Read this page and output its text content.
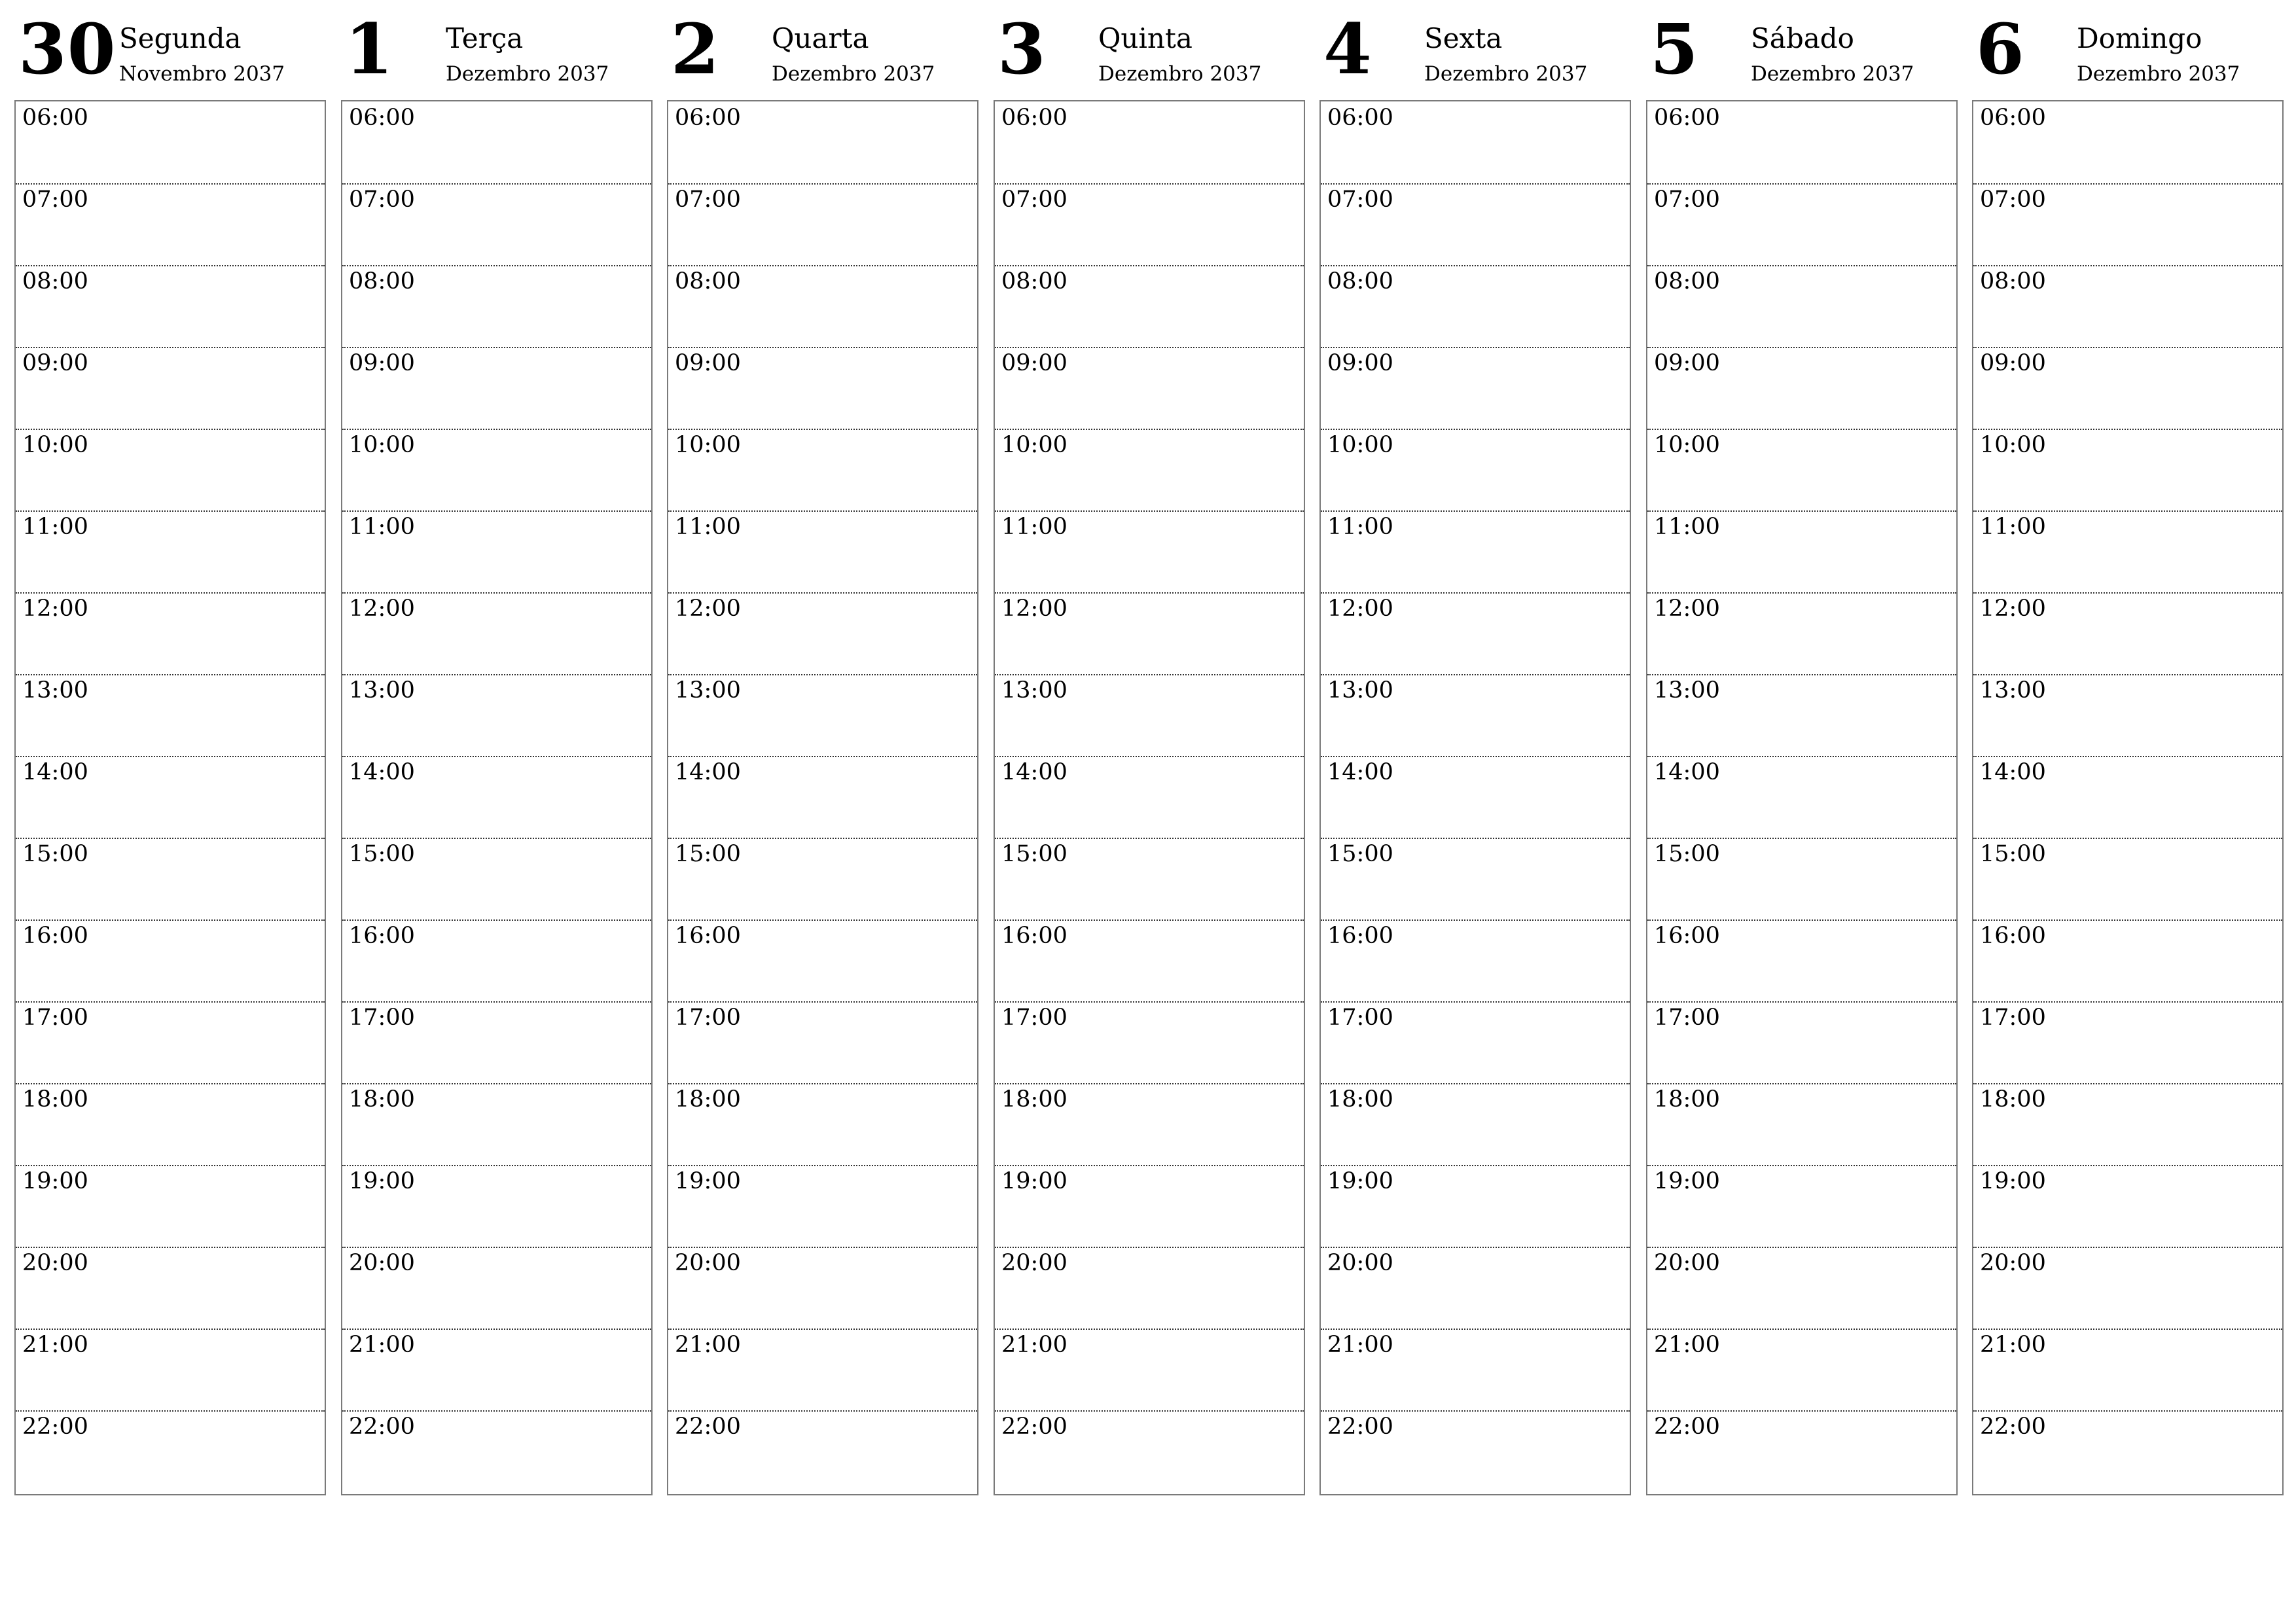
30 Segunda
Novembro 2037
06:00
07:00
08:00
09:00
10:00
11:00
12:00
13:00
14:00
15:00
16:00
17:00
18:00
19:00
20:00
21:00
22:00
1 Terça
Dezembro 2037
06:00
07:00
08:00
09:00
10:00
11:00
12:00
13:00
14:00
15:00
16:00
17:00
18:00
19:00
20:00
21:00
22:00
2 Quarta
Dezembro 2037
06:00
07:00
08:00
09:00
10:00
11:00
12:00
13:00
14:00
15:00
16:00
17:00
18:00
19:00
20:00
21:00
22:00
3 Quinta
Dezembro 2037
06:00
07:00
08:00
09:00
10:00
11:00
12:00
13:00
14:00
15:00
16:00
17:00
18:00
19:00
20:00
21:00
22:00
4 Sexta
Dezembro 2037
06:00
07:00
08:00
09:00
10:00
11:00
12:00
13:00
14:00
15:00
16:00
17:00
18:00
19:00
20:00
21:00
22:00
5 Sábado
Dezembro 2037
06:00
07:00
08:00
09:00
10:00
11:00
12:00
13:00
14:00
15:00
16:00
17:00
18:00
19:00
20:00
21:00
22:00
6 Domingo
Dezembro 2037
06:00
07:00
08:00
09:00
10:00
11:00
12:00
13:00
14:00
15:00
16:00
17:00
18:00
19:00
20:00
21:00
22:00
